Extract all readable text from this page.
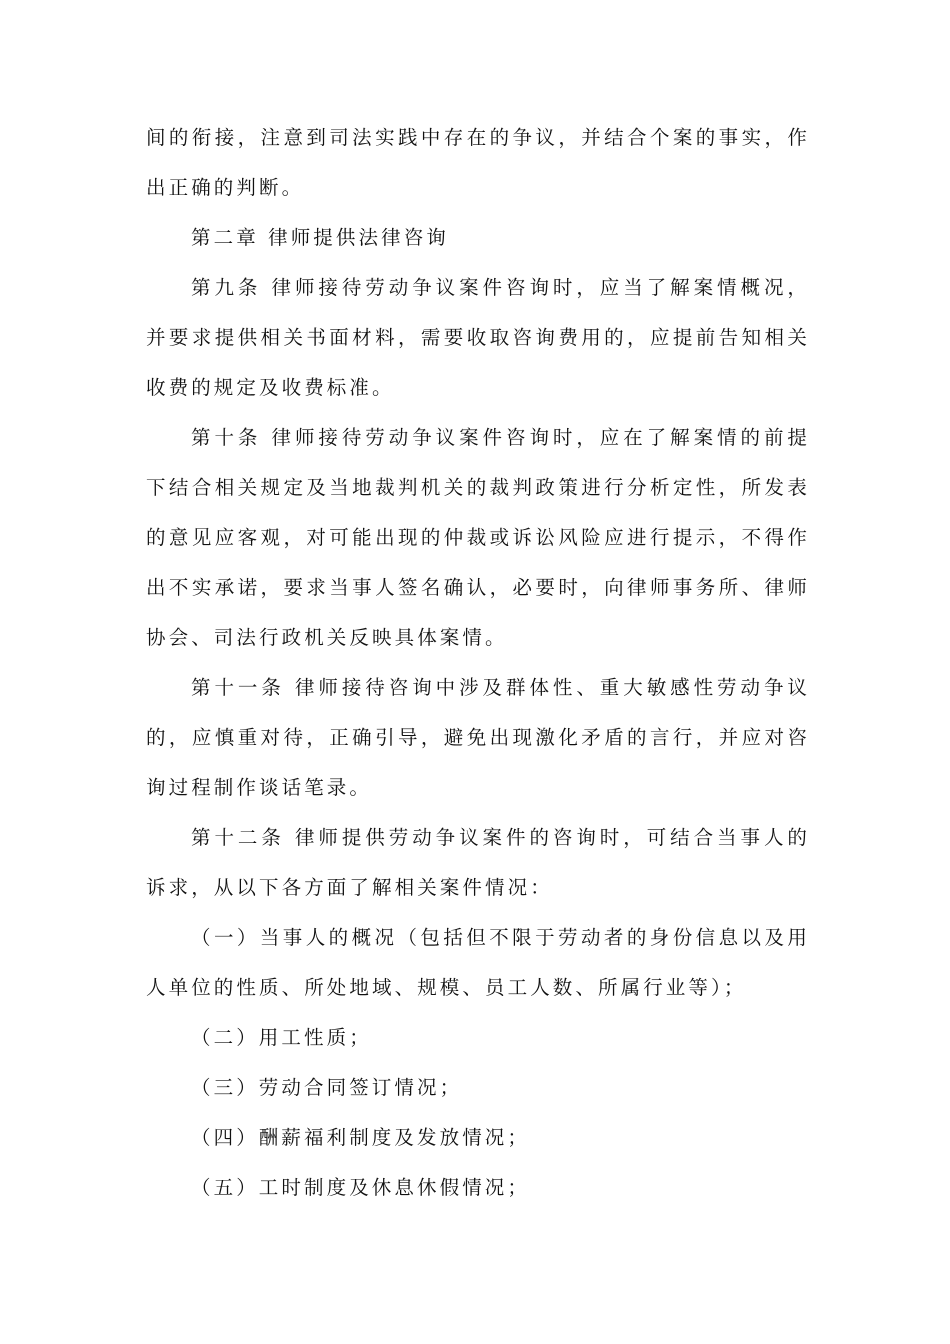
间的衔接，注意到司法实践中存在的争议，并结合个案的事实，作出正确的判断。

第二章 律师提供法律咨询

第九条 律师接待劳动争议案件咨询时，应当了解案情概况，并要求提供相关书面材料，需要收取咨询费用的，应提前告知相关收费的规定及收费标准。

第十条 律师接待劳动争议案件咨询时，应在了解案情的前提下结合相关规定及当地裁判机关的裁判政策进行分析定性，所发表的意见应客观，对可能出现的仲裁或诉讼风险应进行提示，不得作出不实承诺，要求当事人签名确认，必要时，向律师事务所、律师协会、司法行政机关反映具体案情。

第十一条 律师接待咨询中涉及群体性、重大敏感性劳动争议的，应慎重对待，正确引导，避免出现激化矛盾的言行，并应对咨询过程制作谈话笔录。

第十二条 律师提供劳动争议案件的咨询时，可结合当事人的诉求，从以下各方面了解相关案件情况：

（一）当事人的概况（包括但不限于劳动者的身份信息以及用人单位的性质、所处地域、规模、员工人数、所属行业等）；

（二）用工性质；

（三）劳动合同签订情况；

（四）酬薪福利制度及发放情况；

（五）工时制度及休息休假情况；
